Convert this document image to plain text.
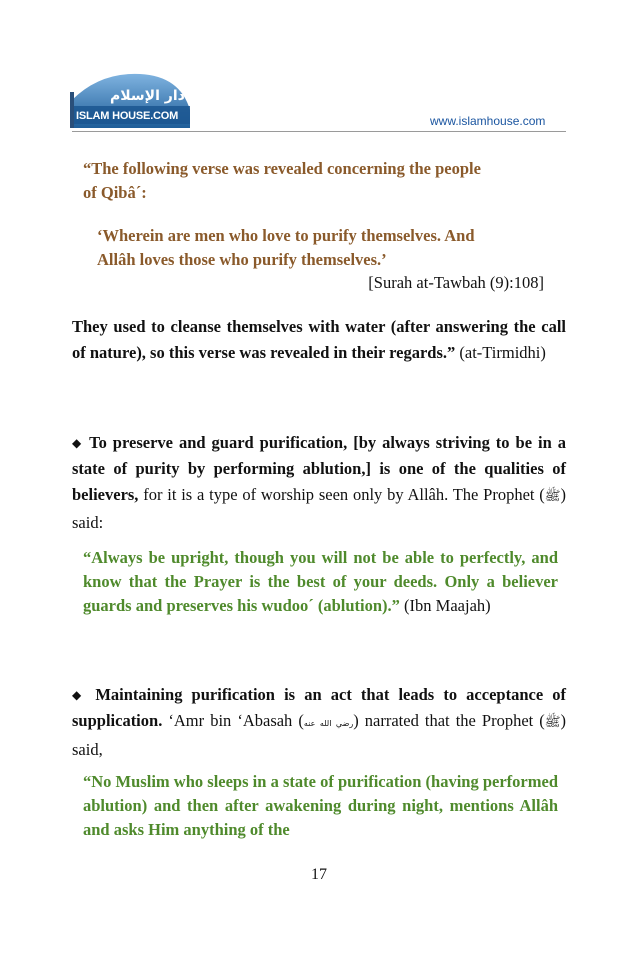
دار الإسلام
ISLAM HOUSE.COM	www.islamhouse.com
“The following verse was revealed concerning the people
of Qibâ´:
‘Wherein are men who love to purify themselves. And
Allâh loves those who purify themselves.’
[Surah at-Tawbah (9):108]
They used to cleanse themselves with water (after answering the call of nature), so this verse was revealed in their regards.” (at-Tirmidhi)
◆ To preserve and guard purification, [by always striving to be in a state of purity by performing ablution,] is one of the qualities of believers, for it is a type of worship seen only by Allâh. The Prophet (ﷺ) said:
“Always be upright, though you will not be able to perfectly, and know that the Prayer is the best of your deeds. Only a believer guards and preserves his wudoo´ (ablution).” (Ibn Maajah)
◆ Maintaining purification is an act that leads to acceptance of supplication. ‘Amr bin ‘Abasah (رضي الله عنه) narrated that the Prophet (ﷺ) said,
“No Muslim who sleeps in a state of purification (having performed ablution) and then after awakening during night, mentions Allâh and asks Him anything of the
17
